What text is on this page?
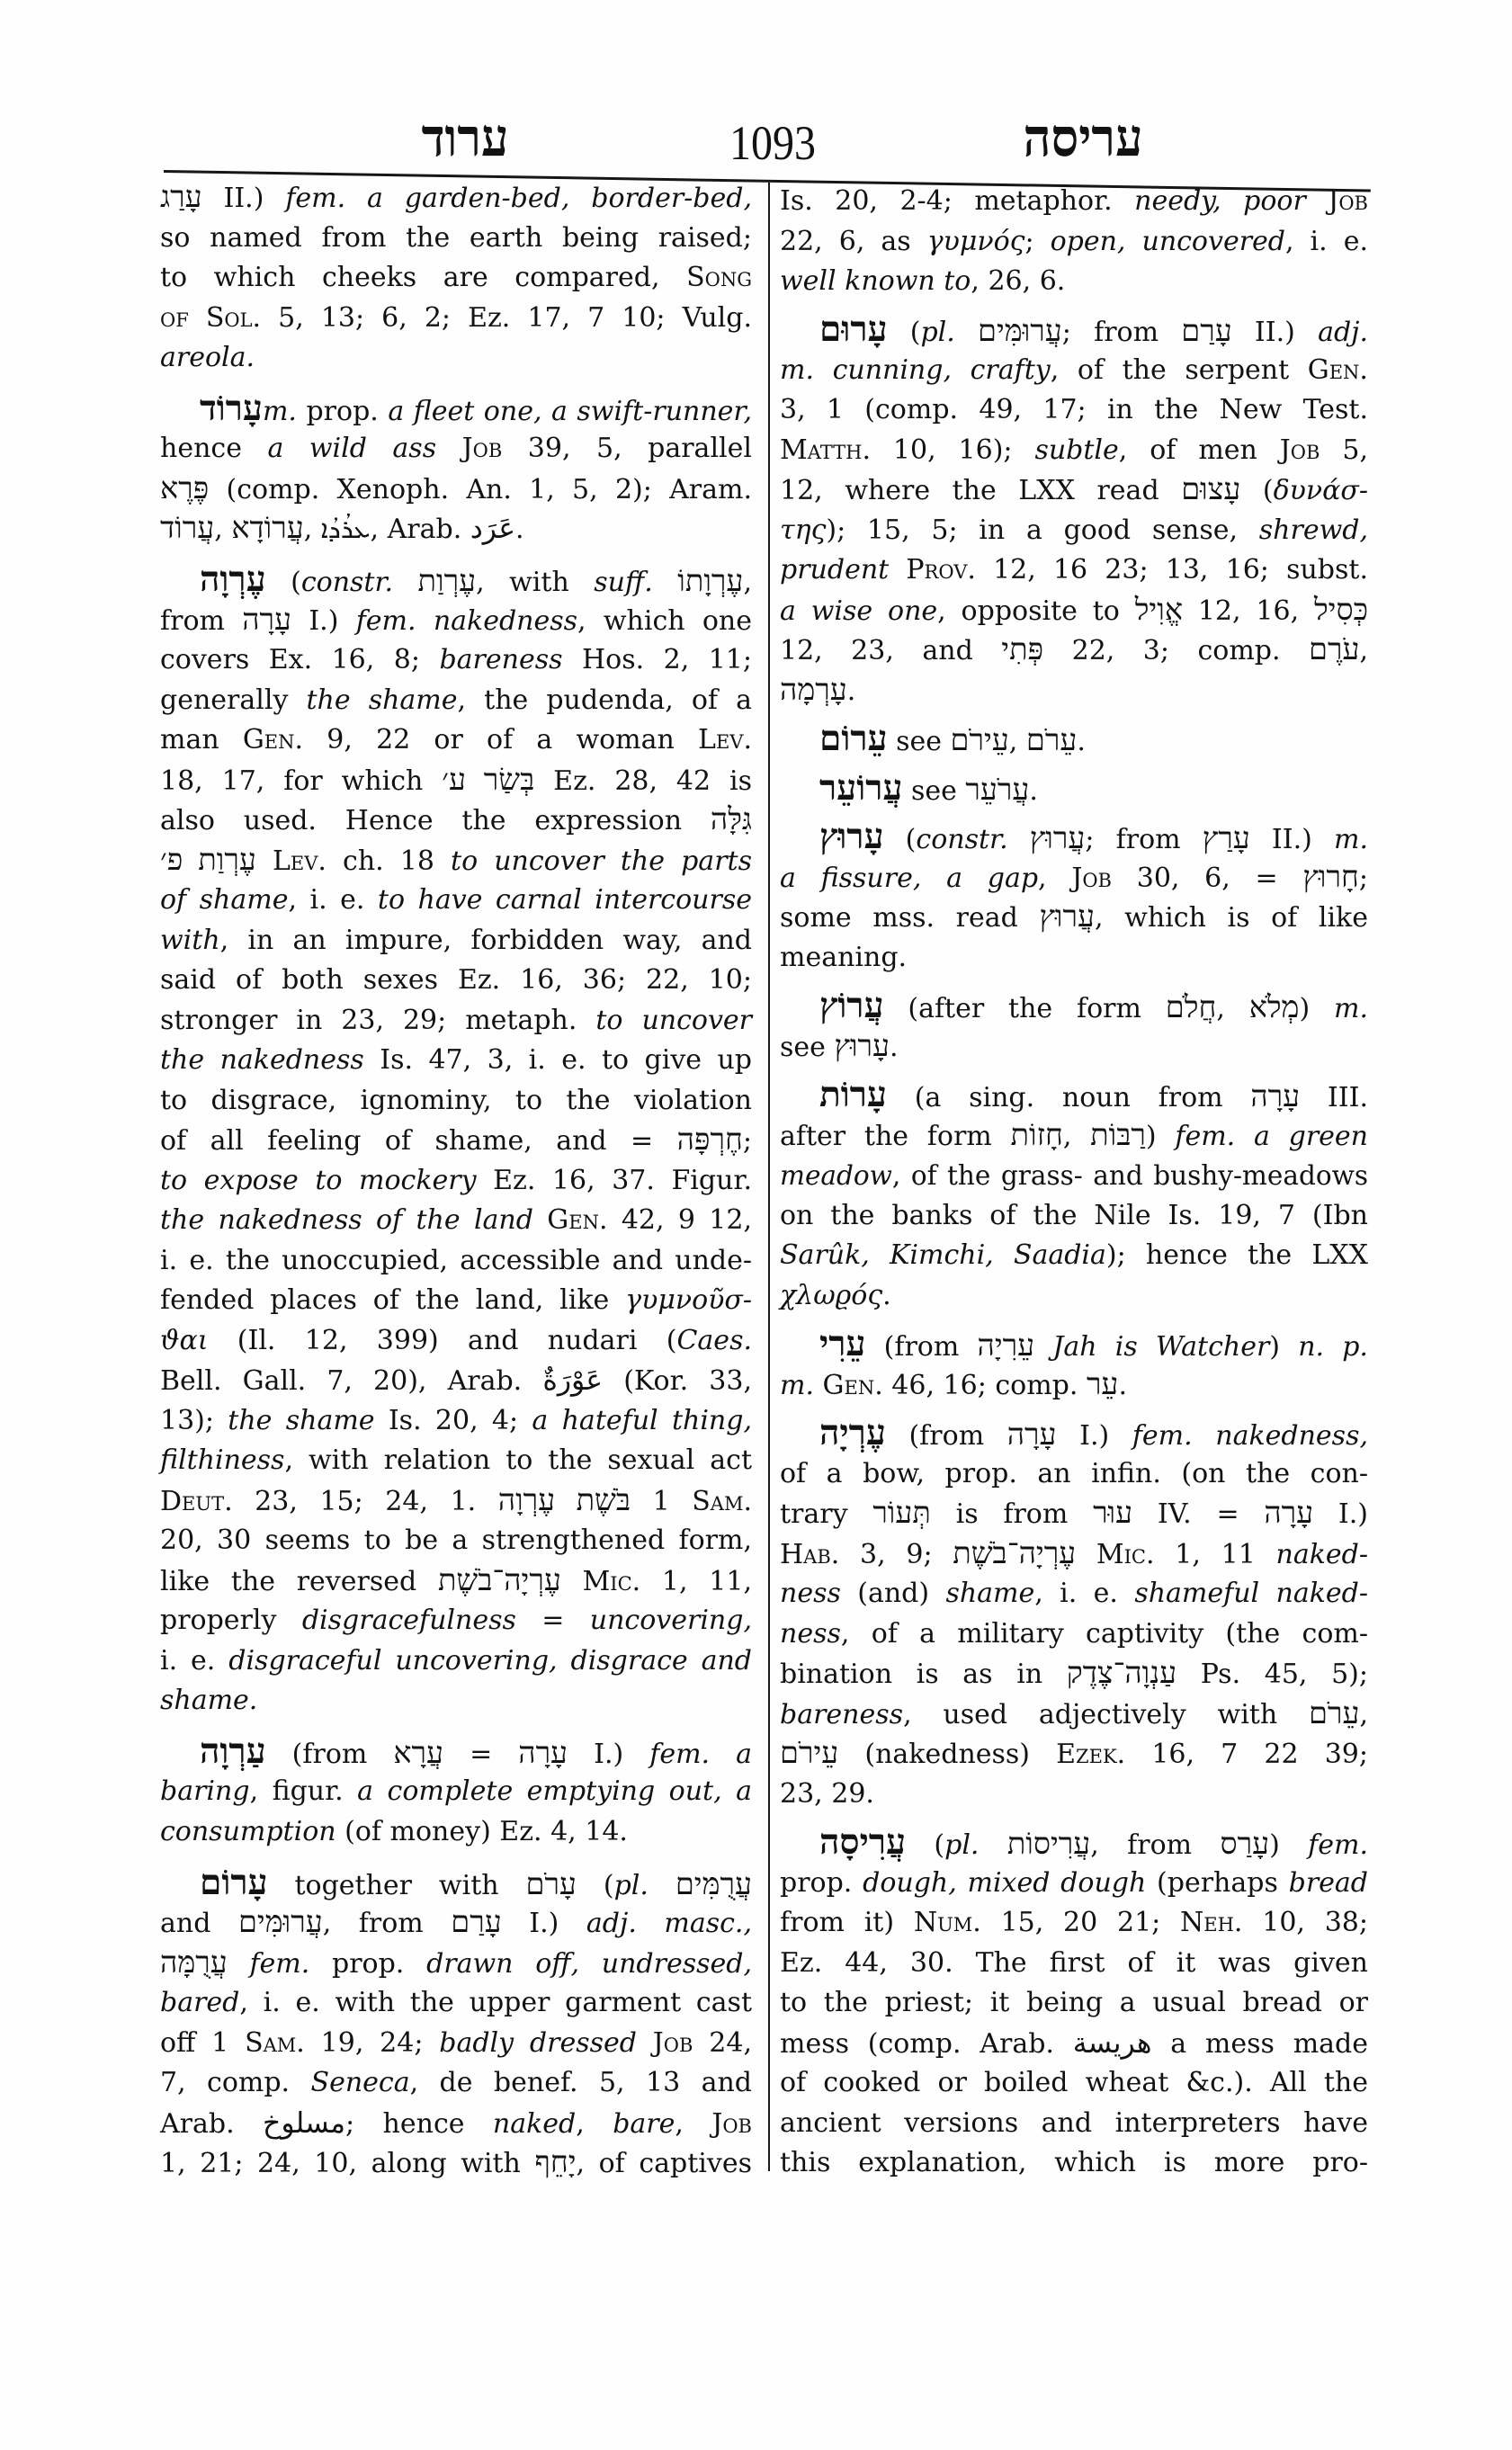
ערוד	1093	עריסה
עָרַג II.) fem. a garden-bed, border-bed,
so named from the earth being raised;
to which cheeks are compared, Song
of Sol. 5, 13; 6, 2; Ez. 17, 7 10; Vulg.
areola.
עָרוֹדm. prop. a fleet one, a swift-runner,
hence a wild ass Job 39, 5, parallel
פֶּרֶא (comp. Xenoph. An. 1, 5, 2); Aram.
עֲרוֹד, עֲרוֹדָא, ܥܪܳܕܳܐ, Arab. عَرَد.
עֶרְוָה (constr. עֶרְוַת, with suff. עֶרְוָתוֹ,
from עָרָה I.) fem. nakedness, which one
covers Ex. 16, 8; bareness Hos. 2, 11;
generally the shame, the pudenda, of a
man Gen. 9, 22 or of a woman Lev.
18, 17, for which בְּשַׂר ע׳ Ez. 28, 42 is
also used. Hence the expression גִּלָּה
עֶרְוַת פ׳ Lev. ch. 18 to uncover the parts
of shame, i. e. to have carnal intercourse
with, in an impure, forbidden way, and
said of both sexes Ez. 16, 36; 22, 10;
stronger in 23, 29; metaph. to uncover
the nakedness Is. 47, 3, i. e. to give up
to disgrace, ignominy, to the violation
of all feeling of shame, and = חֶרְפָּה;
to expose to mockery Ez. 16, 37. Figur.
the nakedness of the land Gen. 42, 9 12,
i. e. the unoccupied, accessible and unde-
fended places of the land, like γυμνοῦσ-
ϑαι (Il. 12, 399) and nudari (Caes.
Bell. Gall. 7, 20), Arab. عَوْرَةٌ (Kor. 33,
13); the shame Is. 20, 4; a hateful thing,
filthiness, with relation to the sexual act
Deut. 23, 15; 24, 1. בֹּשֶׁת עֶרְוָה 1 Sam.
20, 30 seems to be a strengthened form,
like the reversed עֶרְיָה־בֹשֶׁת Mic. 1, 11,
properly disgracefulness = uncovering,
i. e. disgraceful uncovering, disgrace and
shame.
עַרְוָה (from עֲרָא = עָרָה I.) fem. a
baring, figur. a complete emptying out, a
consumption (of money) Ez. 4, 14.
עָרוֹם together with עָרֹם (pl. עֲרֻמִּים
and עֲרוּמִּים, from עָרַם I.) adj. masc.,
עֲרֻמָּה fem. prop. drawn off, undressed,
bared, i. e. with the upper garment cast
off 1 Sam. 19, 24; badly dressed Job 24,
7, comp. Seneca, de benef. 5, 13 and
Arab. مسلوخ; hence naked, bare, Job
1, 21; 24, 10, along with יָחֵף, of captives
Is. 20, 2-4; metaphor. needy, poor Job
22, 6, as γυμνός; open, uncovered, i. e.
well known to, 26, 6.
עָרוּם (pl. עֲרוּמִּים; from עָרַם II.) adj.
m. cunning, crafty, of the serpent Gen.
3, 1 (comp. 49, 17; in the New Test.
Matth. 10, 16); subtle, of men Job 5,
12, where the LXX read עָצוּם (δυνάσ-
της); 15, 5; in a good sense, shrewd,
prudent Prov. 12, 16 23; 13, 16; subst.
a wise one, opposite to אֱוִיל 12, 16, כְּסִיל
12, 23, and פְּתִי 22, 3; comp. עֹרֶם,
עָרְמָה.
עֵרוֹם see עֵירֹם, עֵרֹם.
עֲרוֹעֵר see עֲרֹעֵר.
עָרוּץ (constr. עֲרוּץ; from עָרַץ II.) m.
a fissure, a gap, Job 30, 6, = חָרוּץ;
some mss. read עֲרוּץ, which is of like
meaning.
עֲרוֹץ (after the form חֲלֹם, מְלֹא) m.
see עָרוּץ.
עָרוֹת (a sing. noun from עָרָה III.
after the form חָזוֹת, רַבּוֹת) fem. a green
meadow, of the grass- and bushy-meadows
on the banks of the Nile Is. 19, 7 (Ibn
Sarûk, Kimchi, Saadia); hence the LXX
χλωϱός.
עֵרִי (from עֵרִיָה Jah is Watcher) n. p.
m. Gen. 46, 16; comp. עֵר.
עֶרְיָה (from עָרָה I.) fem. nakedness,
of a bow, prop. an infin. (on the con-
trary תְּעוֹר is from עוּר IV. = עָרָה I.)
Hab. 3, 9; עֶרְיָה־בֹשֶׁת Mic. 1, 11 naked-
ness (and) shame, i. e. shameful naked-
ness, of a military captivity (the com-
bination is as in עַנְוָה־צֶדֶק Ps. 45, 5);
bareness, used adjectively with עֵרֹם,
עֵירֹם (nakedness) Ezek. 16, 7 22 39;
23, 29.
עֲרִיסָה (pl. עֲרִיסוֹת, from עָרַס) fem.
prop. dough, mixed dough (perhaps bread
from it) Num. 15, 20 21; Neh. 10, 38;
Ez. 44, 30. The first of it was given
to the priest; it being a usual bread or
mess (comp. Arab. هريسة a mess made
of cooked or boiled wheat &c.). All the
ancient versions and interpreters have
this explanation, which is more pro-
